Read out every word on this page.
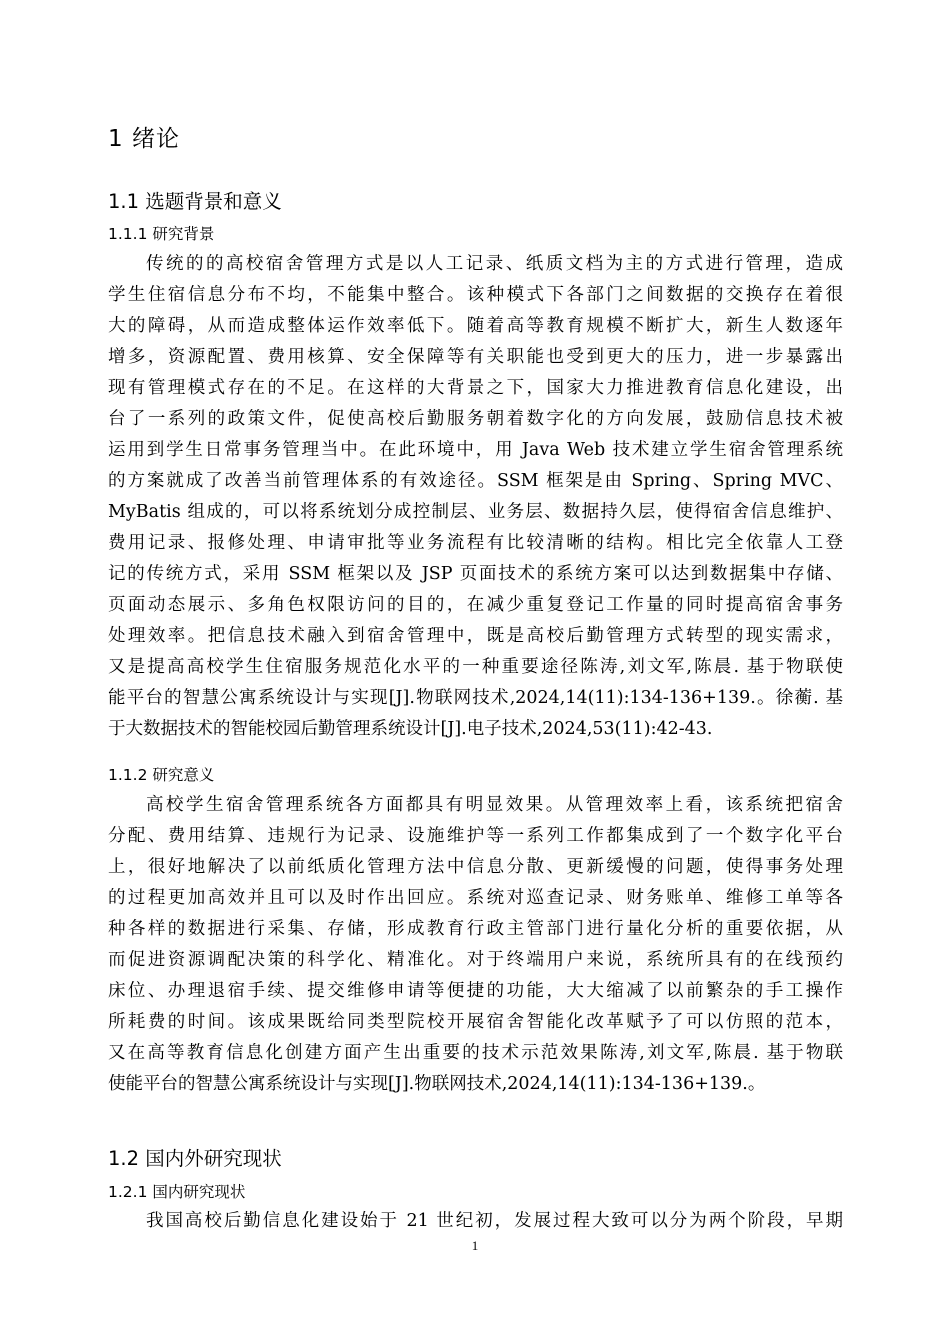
1 绪论
1.1 选题背景和意义
1.1.1 研究背景
传统的的高校宿舍管理方式是以人工记录、纸质文档为主的方式进行管理，造成
学生住宿信息分布不均，不能集中整合。该种模式下各部门之间数据的交换存在着很
大的障碍，从而造成整体运作效率低下。随着高等教育规模不断扩大，新生人数逐年
增多，资源配置、费用核算、安全保障等有关职能也受到更大的压力，进一步暴露出
现有管理模式存在的不足。在这样的大背景之下，国家大力推进教育信息化建设，出
台了一系列的政策文件，促使高校后勤服务朝着数字化的方向发展，鼓励信息技术被
运用到学生日常事务管理当中。在此环境中，用 Java Web 技术建立学生宿舍管理系统
的方案就成了改善当前管理体系的有效途径。SSM 框架是由 Spring、Spring MVC、
MyBatis 组成的，可以将系统划分成控制层、业务层、数据持久层，使得宿舍信息维护、
费用记录、报修处理、申请审批等业务流程有比较清晰的结构。相比完全依靠人工登
记的传统方式，采用 SSM 框架以及 JSP 页面技术的系统方案可以达到数据集中存储、
页面动态展示、多角色权限访问的目的，在减少重复登记工作量的同时提高宿舍事务
处理效率。把信息技术融入到宿舍管理中，既是高校后勤管理方式转型的现实需求，
又是提高高校学生住宿服务规范化水平的一种重要途径陈涛,刘文军,陈晨. 基于物联使
能平台的智慧公寓系统设计与实现[J].物联网技术,2024,14(11):134-136+139.。徐蘅. 基
于大数据技术的智能校园后勤管理系统设计[J].电子技术,2024,53(11):42-43.
1.1.2 研究意义
高校学生宿舍管理系统各方面都具有明显效果。从管理效率上看，该系统把宿舍
分配、费用结算、违规行为记录、设施维护等一系列工作都集成到了一个数字化平台
上，很好地解决了以前纸质化管理方法中信息分散、更新缓慢的问题，使得事务处理
的过程更加高效并且可以及时作出回应。系统对巡查记录、财务账单、维修工单等各
种各样的数据进行采集、存储，形成教育行政主管部门进行量化分析的重要依据，从
而促进资源调配决策的科学化、精准化。对于终端用户来说，系统所具有的在线预约
床位、办理退宿手续、提交维修申请等便捷的功能，大大缩减了以前繁杂的手工操作
所耗费的时间。该成果既给同类型院校开展宿舍智能化改革赋予了可以仿照的范本，
又在高等教育信息化创建方面产生出重要的技术示范效果陈涛,刘文军,陈晨. 基于物联
使能平台的智慧公寓系统设计与实现[J].物联网技术,2024,14(11):134-136+139.。
1.2 国内外研究现状
1.2.1 国内研究现状
我国高校后勤信息化建设始于 21 世纪初，发展过程大致可以分为两个阶段，早期
1
